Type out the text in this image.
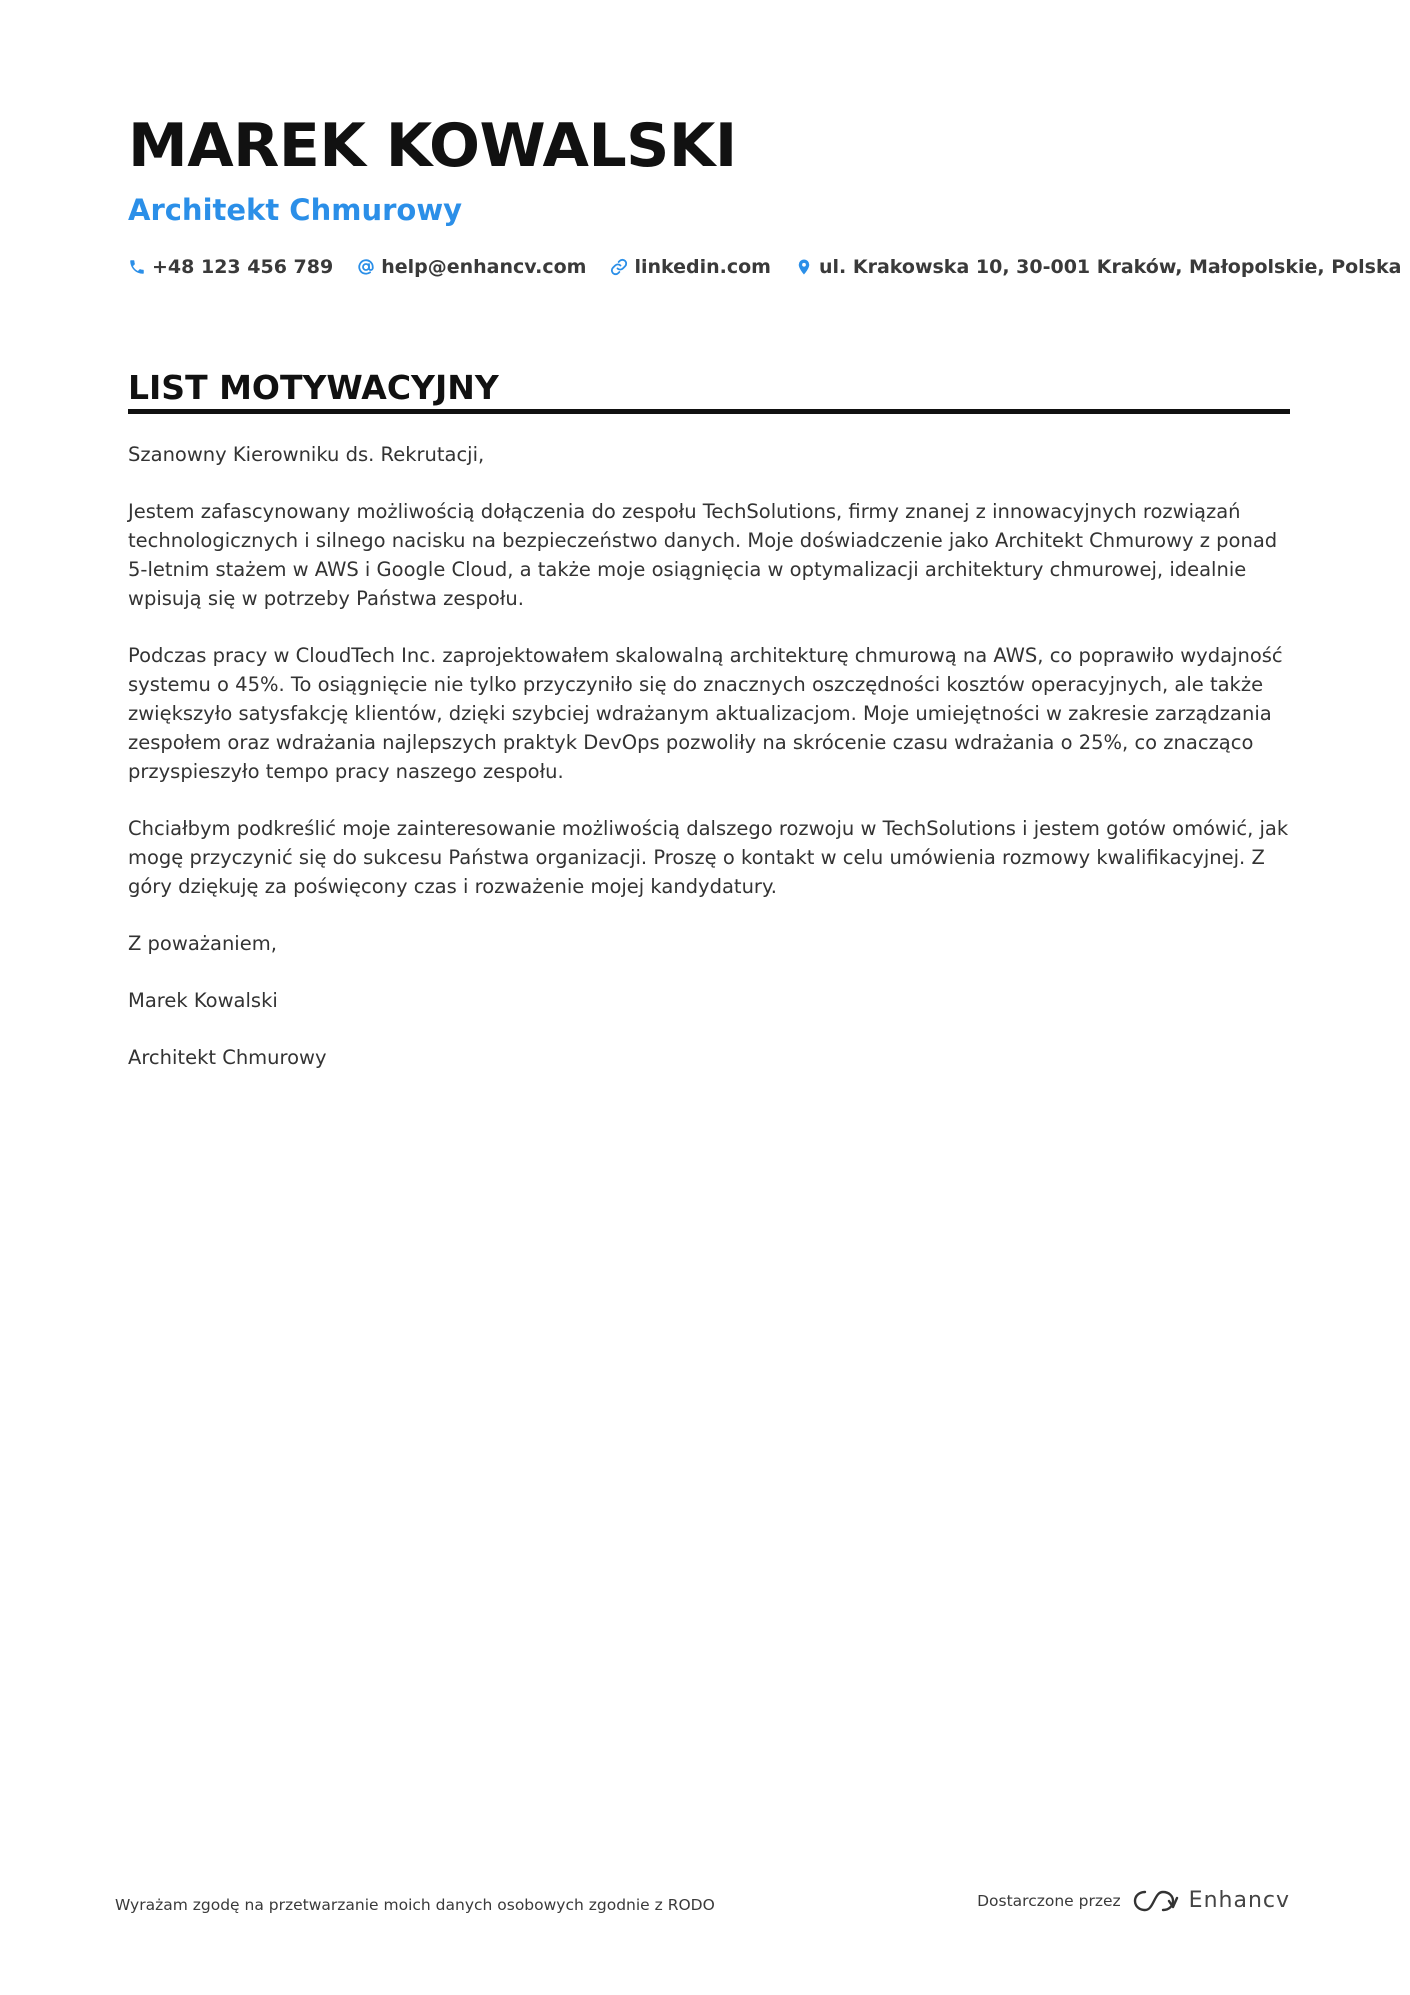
MAREK KOWALSKI
Architekt Chmurowy
+48 123 456 789	help@enhancv.com	linkedin.com	ul. Krakowska 10, 30-001 Kraków, Małopolskie, Polska
LIST MOTYWACYJNY

Szanowny Kierowniku ds. Rekrutacji,

Jestem zafascynowany możliwością dołączenia do zespołu TechSolutions, firmy znanej z innowacyjnych rozwiązań technologicznych i silnego nacisku na bezpieczeństwo danych. Moje doświadczenie jako Architekt Chmurowy z ponad 5-letnim stażem w AWS i Google Cloud, a także moje osiągnięcia w optymalizacji architektury chmurowej, idealnie wpisują się w potrzeby Państwa zespołu.

Podczas pracy w CloudTech Inc. zaprojektowałem skalowalną architekturę chmurową na AWS, co poprawiło wydajność systemu o 45%. To osiągnięcie nie tylko przyczyniło się do znacznych oszczędności kosztów operacyjnych, ale także zwiększyło satysfakcję klientów, dzięki szybciej wdrażanym aktualizacjom. Moje umiejętności w zakresie zarządzania zespołem oraz wdrażania najlepszych praktyk DevOps pozwoliły na skrócenie czasu wdrażania o 25%, co znacząco przyspieszyło tempo pracy naszego zespołu.

Chciałbym podkreślić moje zainteresowanie możliwością dalszego rozwoju w TechSolutions i jestem gotów omówić, jak mogę przyczynić się do sukcesu Państwa organizacji. Proszę o kontakt w celu umówienia rozmowy kwalifikacyjnej. Z góry dziękuję za poświęcony czas i rozważenie mojej kandydatury.

Z poważaniem,

Marek Kowalski

Architekt Chmurowy

Wyrażam zgodę na przetwarzanie moich danych osobowych zgodnie z RODO	Dostarczone przez	Enhancv
